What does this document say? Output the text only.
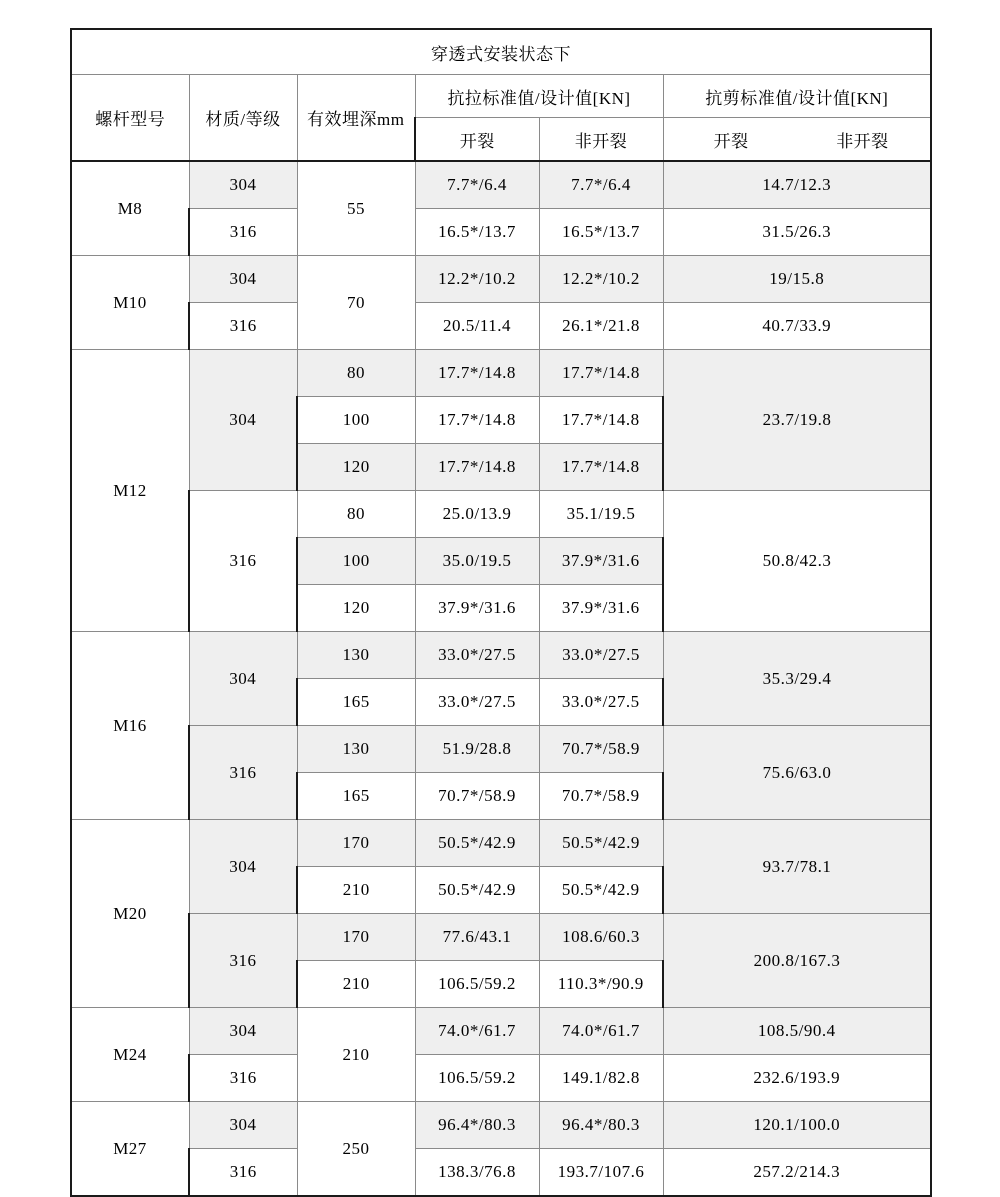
穿透式安装状态下					
螺杆型号	材质/等级	有效埋深mm	抗拉标准值/设计值[KN]		抗剪标准值/设计值[KN]
			开裂	非开裂	开裂 非开裂

M8	304	55	7.7*/6.4	7.7*/6.4	14.7/12.3
	316		16.5*/13.7	16.5*/13.7	31.5/26.3
M10	304	70	12.2*/10.2	12.2*/10.2	19/15.8
	316		20.5/11.4	26.1*/21.8	40.7/33.9
M12	304	80	17.7*/14.8	17.7*/14.8	23.7/19.8
		100	17.7*/14.8	17.7*/14.8	
		120	17.7*/14.8	17.7*/14.8	
	316	80	25.0/13.9	35.1/19.5	50.8/42.3
		100	35.0/19.5	37.9*/31.6	
		120	37.9*/31.6	37.9*/31.6	
M16	304	130	33.0*/27.5	33.0*/27.5	35.3/29.4
		165	33.0*/27.5	33.0*/27.5	
	316	130	51.9/28.8	70.7*/58.9	75.6/63.0
		165	70.7*/58.9	70.7*/58.9	
M20	304	170	50.5*/42.9	50.5*/42.9	93.7/78.1
		210	50.5*/42.9	50.5*/42.9	
	316	170	77.6/43.1	108.6/60.3	200.8/167.3
		210	106.5/59.2	110.3*/90.9	
M24	304	210	74.0*/61.7	74.0*/61.7	108.5/90.4
	316		106.5/59.2	149.1/82.8	232.6/193.9
M27	304	250	96.4*/80.3	96.4*/80.3	120.1/100.0
	316		138.3/76.8	193.7/107.6	257.2/214.3
